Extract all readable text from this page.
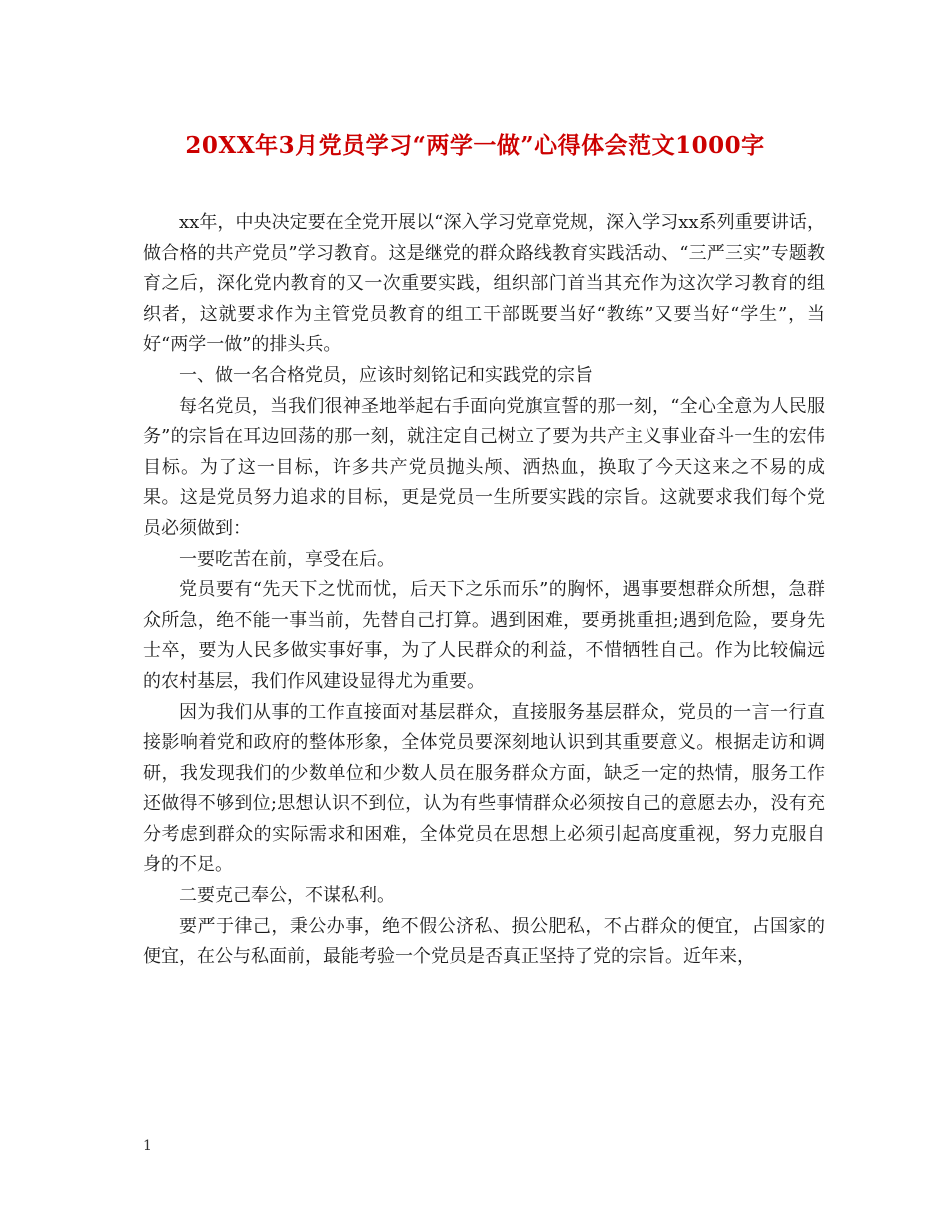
20XX年3月党员学习“两学一做”心得体会范文1000字

xx年，中央决定要在全党开展以“深入学习党章党规，深入学习xx系列重要讲话，做合格的共产党员”学习教育。这是继党的群众路线教育实践活动、“三严三实”专题教育之后，深化党内教育的又一次重要实践，组织部门首当其充作为这次学习教育的组织者，这就要求作为主管党员教育的组工干部既要当好“教练”又要当好“学生”，当好“两学一做”的排头兵。

一、做一名合格党员，应该时刻铭记和实践党的宗旨

每名党员，当我们很神圣地举起右手面向党旗宣誓的那一刻，“全心全意为人民服务”的宗旨在耳边回荡的那一刻，就注定自己树立了要为共产主义事业奋斗一生的宏伟目标。为了这一目标，许多共产党员抛头颅、洒热血，换取了今天这来之不易的成果。这是党员努力追求的目标，更是党员一生所要实践的宗旨。这就要求我们每个党员必须做到：

一要吃苦在前，享受在后。

党员要有“先天下之忧而忧，后天下之乐而乐”的胸怀，遇事要想群众所想，急群众所急，绝不能一事当前，先替自己打算。遇到困难，要勇挑重担;遇到危险，要身先士卒，要为人民多做实事好事，为了人民群众的利益，不惜牺牲自己。作为比较偏远的农村基层，我们作风建设显得尤为重要。

因为我们从事的工作直接面对基层群众，直接服务基层群众，党员的一言一行直接影响着党和政府的整体形象，全体党员要深刻地认识到其重要意义。根据走访和调研，我发现我们的少数单位和少数人员在服务群众方面，缺乏一定的热情，服务工作还做得不够到位;思想认识不到位，认为有些事情群众必须按自己的意愿去办，没有充分考虑到群众的实际需求和困难，全体党员在思想上必须引起高度重视，努力克服自身的不足。

二要克己奉公，不谋私利。

要严于律己，秉公办事，绝不假公济私、损公肥私，不占群众的便宜，占国家的便宜，在公与私面前，最能考验一个党员是否真正坚持了党的宗旨。近年来，

1
